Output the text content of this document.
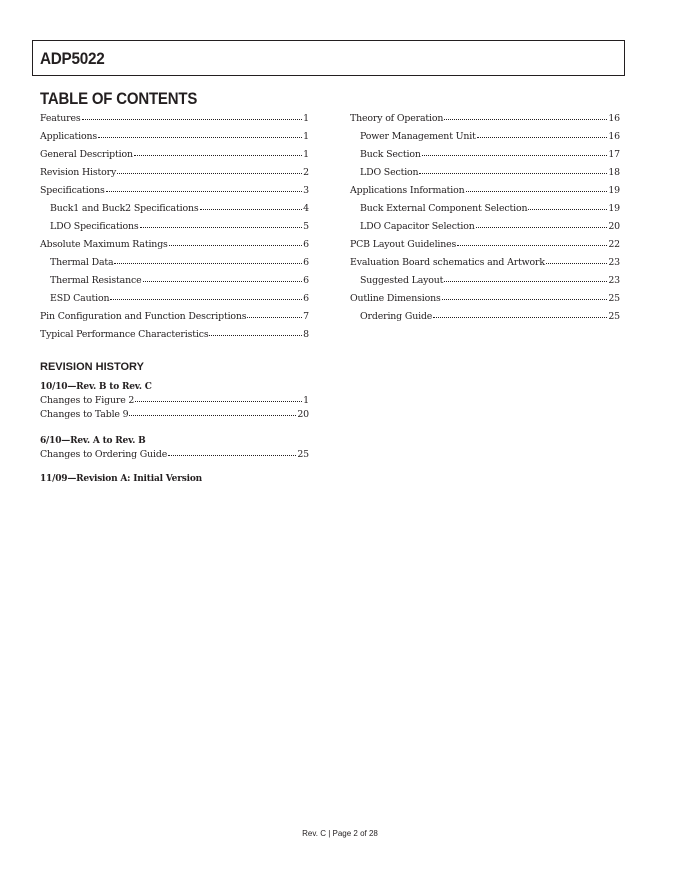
ADP5022
TABLE OF CONTENTS
Features	1
Applications	1
General Description	1
Revision History	2
Specifications	3
Buck1 and Buck2 Specifications	4
LDO Specifications	5
Absolute Maximum Ratings	6
Thermal Data	6
Thermal Resistance	6
ESD Caution	6
Pin Configuration and Function Descriptions	7
Typical Performance Characteristics	8
Theory of Operation	16
Power Management Unit	16
Buck Section	17
LDO Section	18
Applications Information	19
Buck External Component Selection	19
LDO Capacitor Selection	20
PCB Layout Guidelines	22
Evaluation Board schematics and Artwork	23
Suggested Layout	23
Outline Dimensions	25
Ordering Guide	25
REVISION HISTORY
10/10—Rev. B to Rev. C
Changes to Figure 2	1
Changes to Table 9	20
6/10—Rev. A to Rev. B
Changes to Ordering Guide	25
11/09—Revision A: Initial Version
Rev. C | Page 2 of 28
